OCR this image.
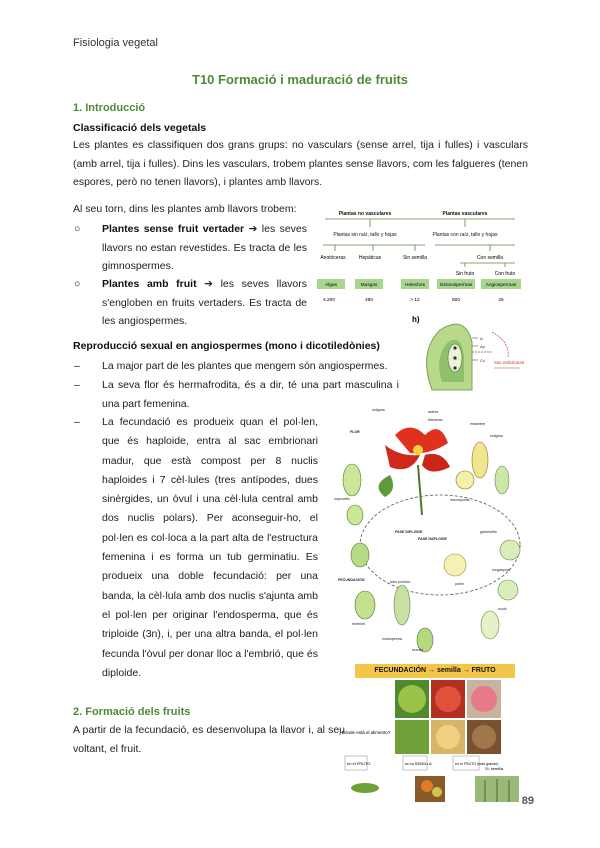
Fisiologia vegetal
T10 Formació i maduració de fruits
1. Introducció
Classificació dels vegetals
Les plantes es classifiquen dos grans grups: no vasculars (sense arrel, tija i fulles) i vasculars (amb arrel, tija i fulles). Dins les vasculars, trobem plantes sense llavors, com les falgueres (tenen espores, però no tenen llavors), i plantes amb llavors.
Al seu torn, dins les plantes amb llavors trobem:
○ Plantes sense fruit vertader ➔ les seves llavors no estan revestides. Es tracta de les gimnospermes.
○ Plantes amb fruit ➔ les seves llavors s'engloben en fruits vertaders. Es tracta de les angiospermes.
Plantas no vasculares	Plantas vasculares
Plantas sin raíz, tallo y hojas	Plantas con raíz, tallo y hojas
Anotóceras	Hepáticas	Sin semilla	Con semilla
Sin fruto	Con fruto
Algas	Musgos	Helechos	Gimnospermas	Angiospermas
4.200	480	> 12	800	25
h)
A
Ap
Cc Sac embrionari
Reproducció sexual en angiospermes (mono i dicotiledònies)
– La major part de les plantes que mengem són angiospermes.
– La seva flor és hermafrodita, és a dir, té una part masculina i una part femenina.
– La fecundació es produeix quan el pol·len, que és haploide, entra al sac embrionari madur, que està compost per 8 nuclis haploides i 7 cèl·lules (tres antípodes, dues sinèrgides, un òvul i una cèl·lula central amb dos nuclis polars). Per aconseguir-ho, el pol·len es col·loca a la part alta de l'estructura femenina i es forma un tub germinatiu. Es produeix una doble fecundació: per una banda, la cèl·lula amb dos nuclis s'ajunta amb el pol·len per originar l'endosperma, que és triploide (3n), i, per una altra banda, el pol·len fecunda l'òvul per donar lloc a l'embrió, que és diploide.
estigma	antera
filamento
estambre
FLOR
estigma
semilla
FASE HAPLOIDE
FASE DIPLOIDE
FECUNDACIÓN
esporofito
gametofito
embrión
endosperma
polen
tubo polínico
óvulo
microsporas
megaspora
FECUNDACIÓN → semilla → FRUTO
¿Dónde está el alimento?
en el FRUTO	en la SEMILLA	en el FRUTO (más grande)
Si, semilla
2. Formació dels fruits
A partir de la fecundació, es desenvolupa la llavor i, al seu voltant, el fruit.
89
